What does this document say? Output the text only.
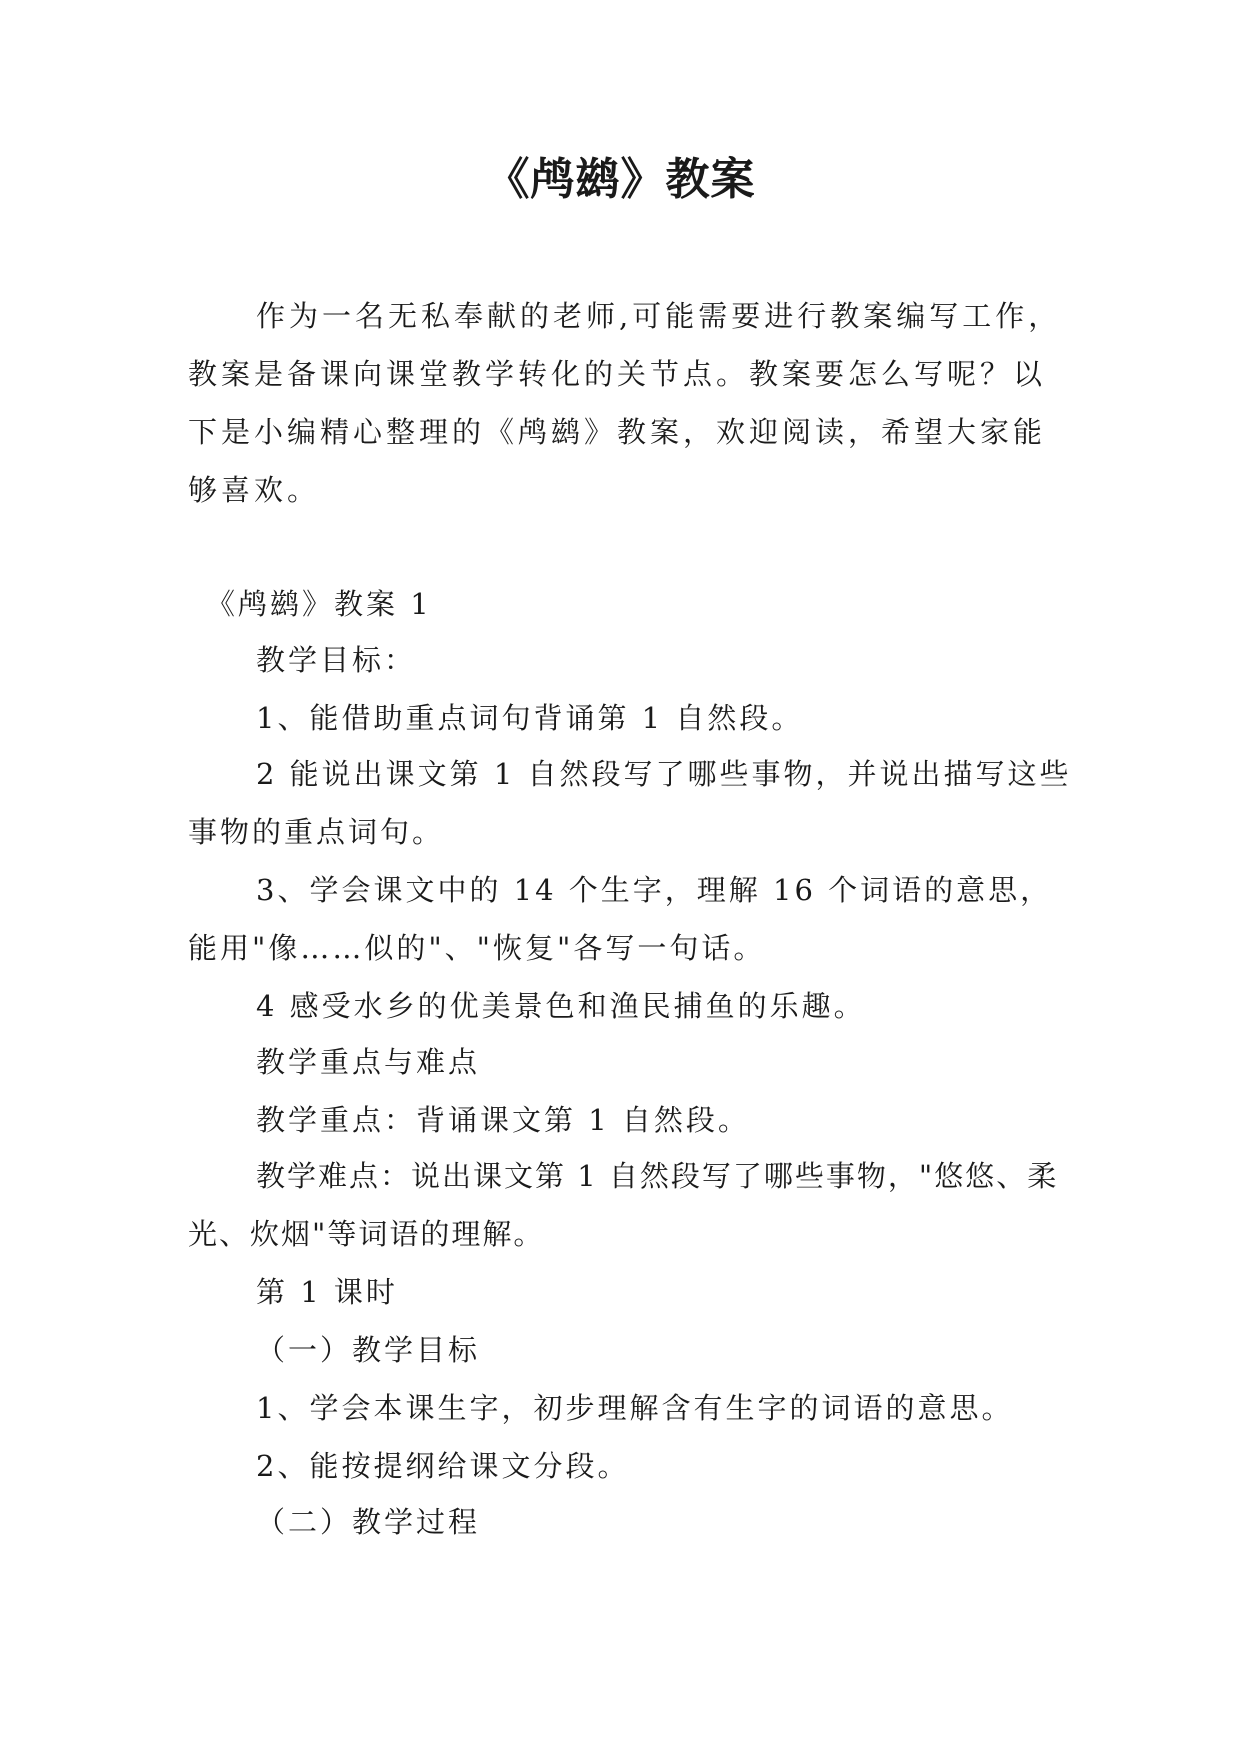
《鸬鹚》教案

作为一名无私奉献的老师,可能需要进行教案编写工作，教案是备课向课堂教学转化的关节点。教案要怎么写呢？以下是小编精心整理的《鸬鹚》教案，欢迎阅读，希望大家能够喜欢。

《鸬鹚》教案 1

教学目标：

1、能借助重点词句背诵第 1 自然段。

2 能说出课文第 1 自然段写了哪些事物，并说出描写这些事物的重点词句。

3、学会课文中的 14 个生字，理解 16 个词语的意思，能用"像……似的"、"恢复"各写一句话。

4 感受水乡的优美景色和渔民捕鱼的乐趣。

教学重点与难点

教学重点：背诵课文第 1 自然段。

教学难点：说出课文第 1 自然段写了哪些事物，"悠悠、柔光、炊烟"等词语的理解。

第 1 课时

（一）教学目标

1、学会本课生字，初步理解含有生字的词语的意思。

2、能按提纲给课文分段。

（二）教学过程
